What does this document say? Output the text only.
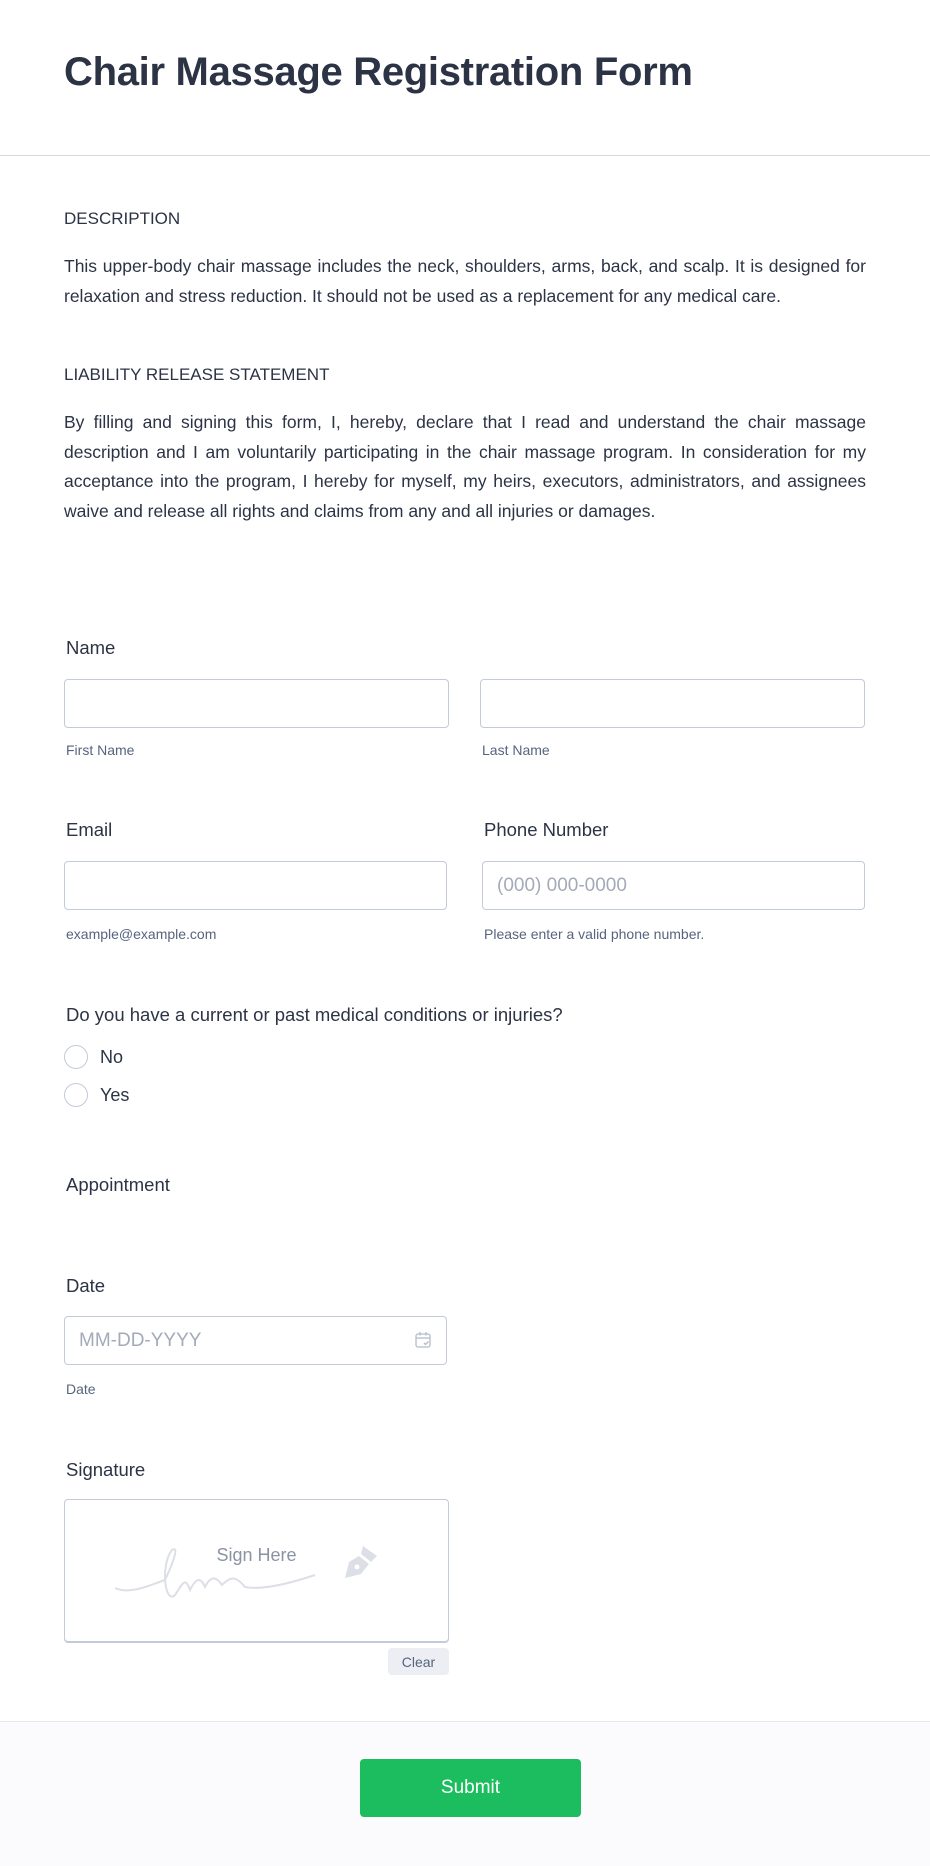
Chair Massage Registration Form
DESCRIPTION
This upper-body chair massage includes the neck, shoulders, arms, back, and scalp. It is designed for relaxation and stress reduction. It should not be used as a replacement for any medical care.
LIABILITY RELEASE STATEMENT
By filling and signing this form, I, hereby, declare that I read and understand the chair massage description and I am voluntarily participating in the chair massage program. In consideration for my acceptance into the program, I hereby for myself, my heirs, executors, administrators, and assignees waive and release all rights and claims from any and all injuries or damages.
Name
First Name	Last Name
Email
example@example.com
Phone Number
(000) 000-0000
Please enter a valid phone number.
Do you have a current or past medical conditions or injuries?
No
Yes
Appointment
Date
MM-DD-YYYY
Date
Signature
Sign Here
Clear
Submit
